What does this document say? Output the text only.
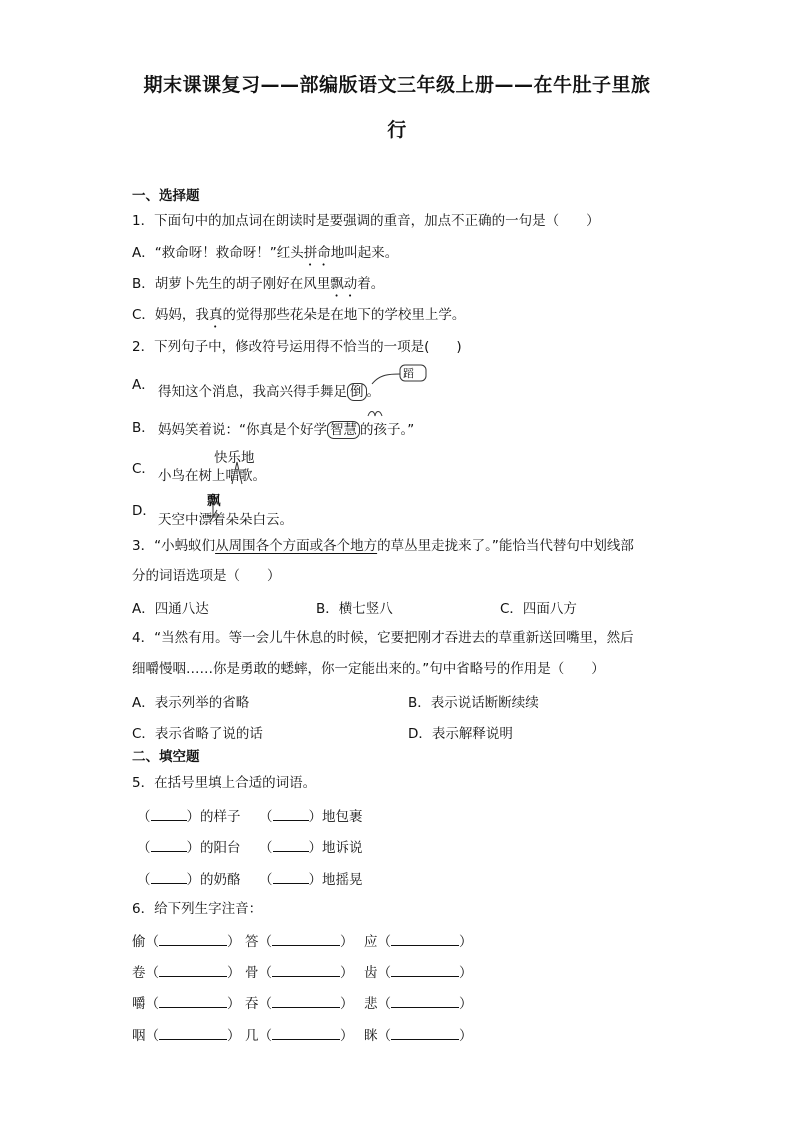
期末课课复习——部编版语文三年级上册——在牛肚子里旅
行
一、选择题
1．下面句中的加点词在朗读时是要强调的重音，加点不正确的一句是（　　）
A．“救命呀！救命呀！”红头拼命地叫起来。
B．胡萝卜先生的胡子刚好在风里飘动着。
C．妈妈，我真的觉得那些花朵是在地下的学校里上学。
2．下列句子中，修改符号运用得不恰当的一项是(　　)
A． 得知这个消息，我高兴得手舞足 倒 。
蹈
B． 妈妈笑着说：“你真是个好学 智慧 的孩子。”
C．
快乐地
小鸟在树上唱歌。
D．
飘
天空中漂着朵朵白云。
3．“小蚂蚁们从周围各个方面或各个地方的草丛里走拢来了。”能恰当代替句中划线部
分的词语选项是（　　）
A．四通八达	B．横七竖八	C．四面八方
4．“当然有用。等一会儿牛休息的时候，它要把刚才吞进去的草重新送回嘴里，然后
细嚼慢咽……你是勇敢的蟋蟀，你一定能出来的。”句中省略号的作用是（　　）
A．表示列举的省略	B．表示说话断断续续
C．表示省略了说的话	D．表示解释说明
二、填空题
5．在括号里填上合适的词语。
（	）的样子 （	）地包裹
（	）的阳台 （	）地诉说
（	）的奶酪 （	）地摇晃
6．给下列生字注音：
偷（	） 答（	） 应（	）
卷（	） 骨（	） 齿（	）
嚼（	） 吞（	） 悲（	）
咽（	） 几（	） 眯（	）
